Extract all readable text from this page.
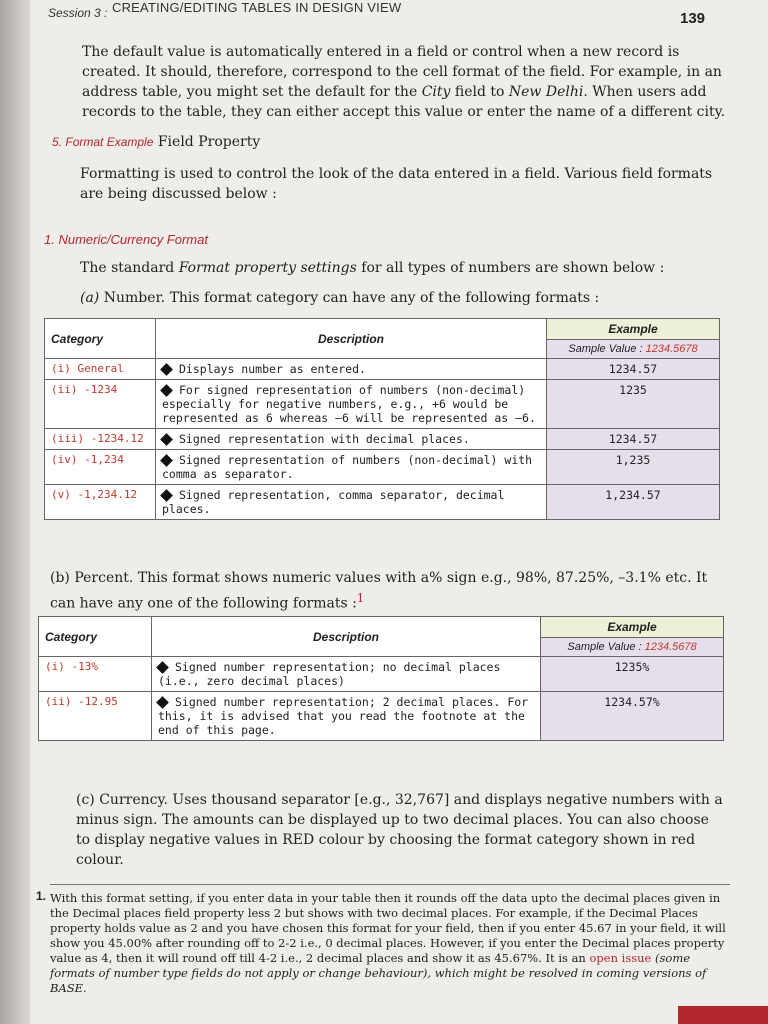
Session 3 : CREATING/EDITING TABLES IN DESIGN VIEW
139

The default value is automatically entered in a field or control when a new record is created. It should, therefore, correspond to the cell format of the field. For example, in an address table, you might set the default for the City field to New Delhi. When users add records to the table, they can either accept this value or enter the name of a different city.

5. Format Example Field Property

Formatting is used to control the look of the data entered in a field. Various field formats are being discussed below :

1. Numeric/Currency Format

The standard Format property settings for all types of numbers are shown below :

(a) Number. This format category can have any of the following formats :

Category	Description	Example
		Sample Value : 1234.5678
(i) General	Displays number as entered.	1234.57
(ii) -1234	For signed representation of numbers (non-decimal) especially for negative numbers, e.g., +6 would be represented as 6 whereas –6 will be represented as –6.	1235
(iii) -1234.12	Signed representation with decimal places.	1234.57
(iv) -1,234	Signed representation of numbers (non-decimal) with comma as separator.	1,235
(v) -1,234.12	Signed representation, comma separator, decimal places.	1,234.57

(b) Percent. This format shows numeric values with a% sign e.g., 98%, 87.25%, –3.1% etc. It can have any one of the following formats :$^1$

Category	Description	Example
		Sample Value : 1234.5678
(i) -13%	Signed number representation; no decimal places (i.e., zero decimal places)	1235%
(ii) -12.95	Signed number representation; 2 decimal places. For this, it is advised that you read the footnote at the end of this page.	1234.57%

(c) Currency. Uses thousand separator [e.g., 32,767] and displays negative numbers with a minus sign. The amounts can be displayed up to two decimal places. You can also choose to display negative values in RED colour by choosing the format category shown in red colour.

1. With this format setting, if you enter data in your table then it rounds off the data upto the decimal places given in the Decimal places field property less 2 but shows with two decimal places. For example, if the Decimal Places property holds value as 2 and you have chosen this format for your field, then if you enter 45.67 in your field, it will show you 45.00% after rounding off to 2-2 i.e., 0 decimal places. However, if you enter the Decimal places property value as 4, then it will round off till 4-2 i.e., 2 decimal places and show it as 45.67%. It is an open issue (some formats of number type fields do not apply or change behaviour), which might be resolved in coming versions of BASE.
